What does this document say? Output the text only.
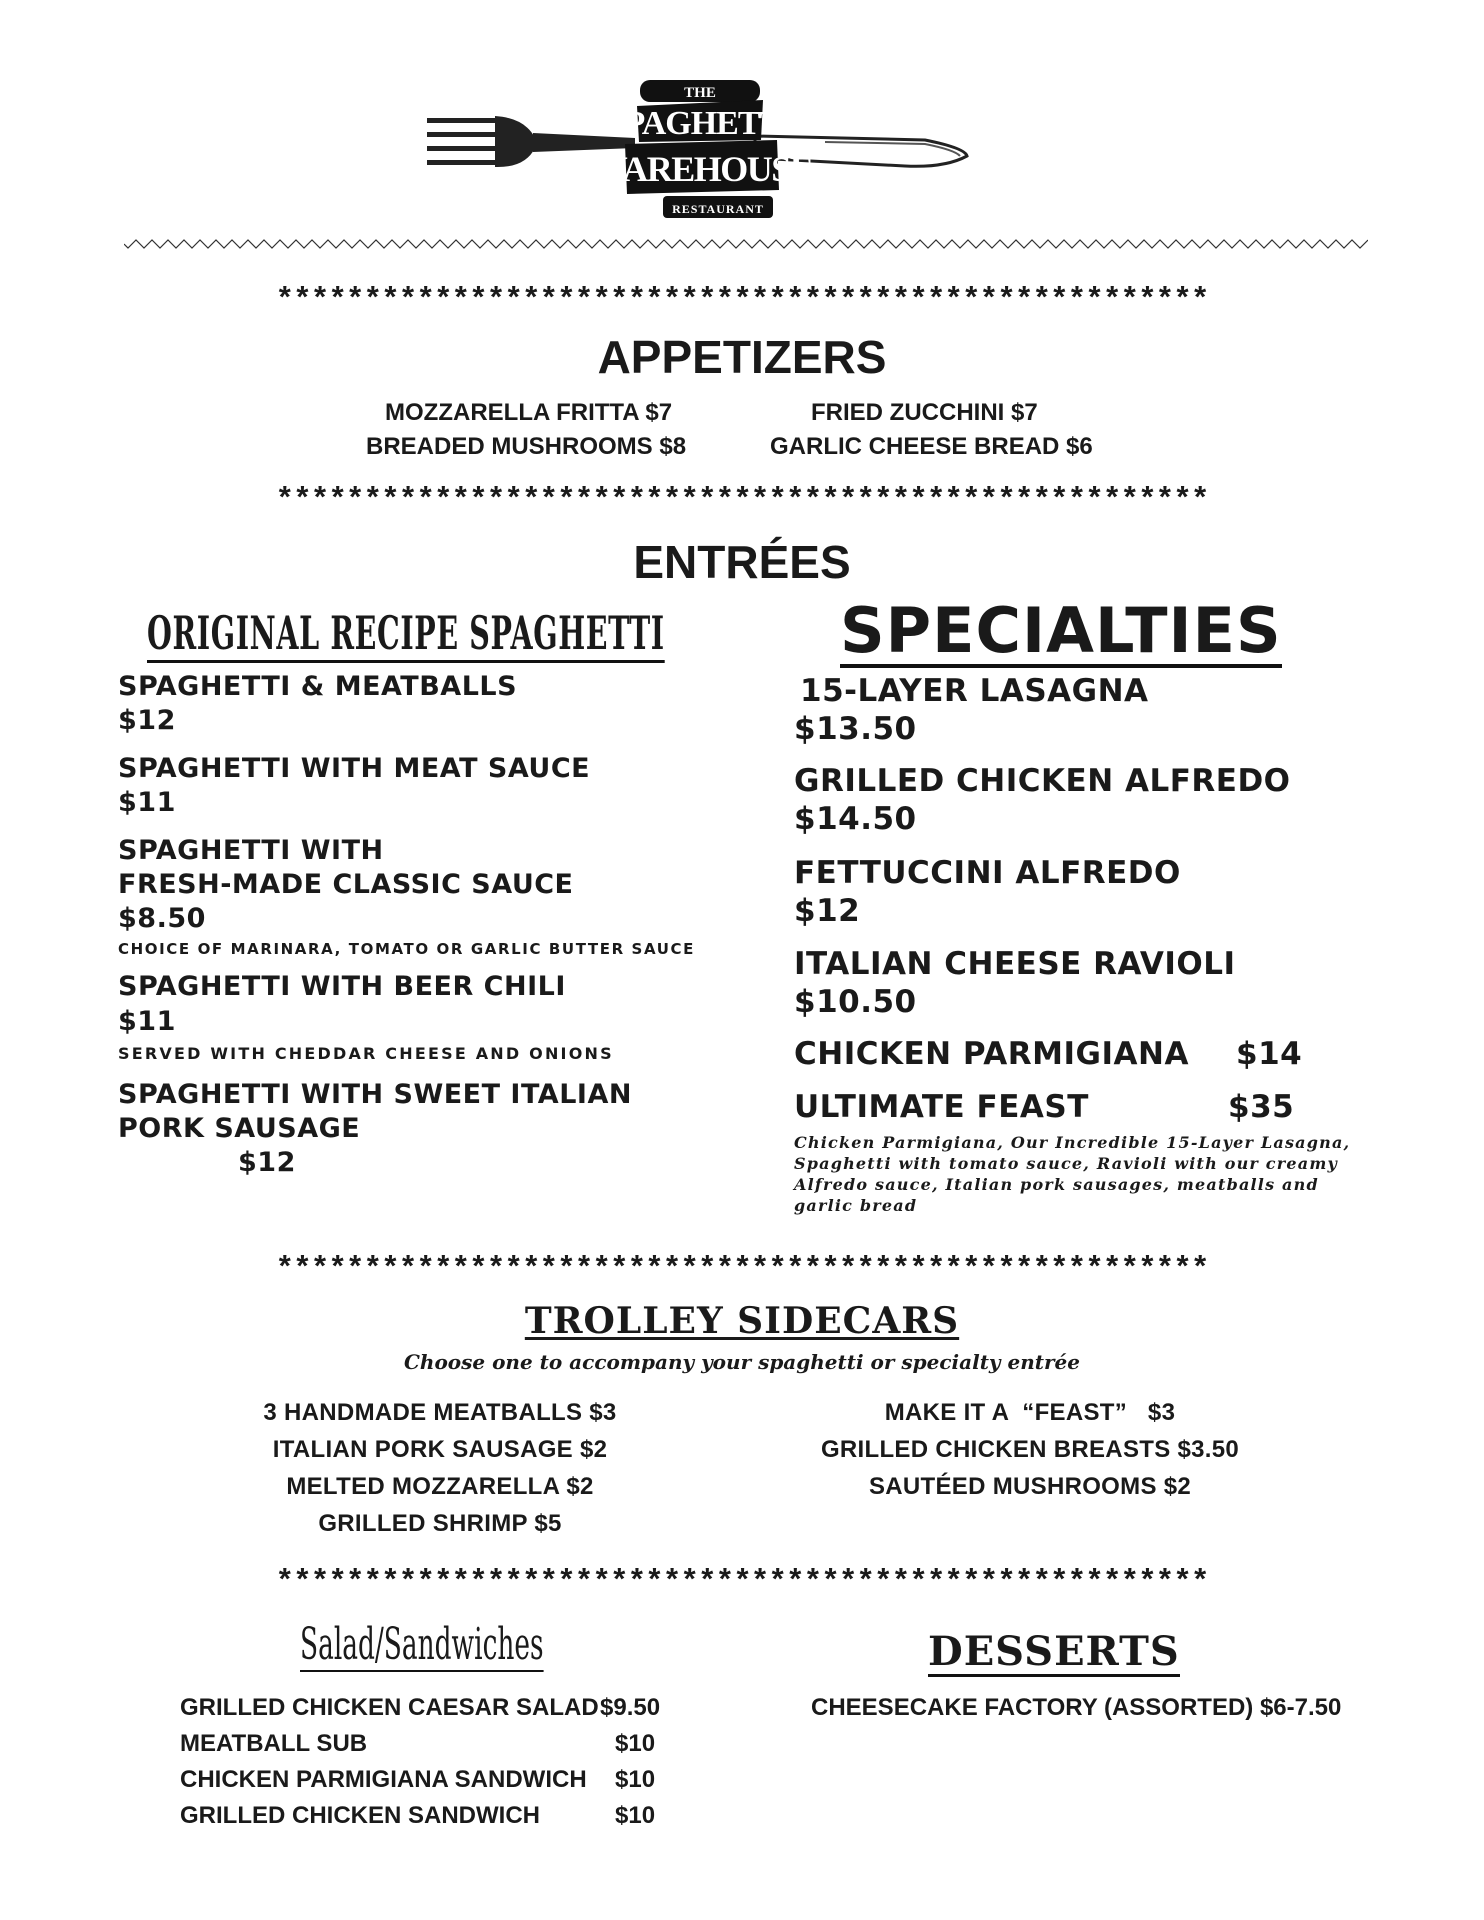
THE
SPAGHETTI
WAREHOUSE
RESTAURANT
*****************************************************
APPETIZERS
MOZZARELLA FRITTA $7	FRIED ZUCCHINI $7
BREADED MUSHROOMS $8	GARLIC CHEESE BREAD $6
*****************************************************
ENTRÉES
ORIGINAL RECIPE SPAGHETTI
SPAGHETTI & MEATBALLS
$12
SPAGHETTI WITH MEAT SAUCE
$11
SPAGHETTI WITH
FRESH-MADE CLASSIC SAUCE
$8.50
CHOICE OF MARINARA, TOMATO OR GARLIC BUTTER SAUCE
SPAGHETTI WITH BEER CHILI
$11
SERVED WITH CHEDDAR CHEESE AND ONIONS
SPAGHETTI WITH SWEET ITALIAN
PORK SAUSAGE
$12
SPECIALTIES
15-LAYER LASAGNA
$13.50
GRILLED CHICKEN ALFREDO
$14.50
FETTUCCINI ALFREDO
$12
ITALIAN CHEESE RAVIOLI
$10.50
CHICKEN PARMIGIANA $14
ULTIMATE FEAST	$35
Chicken Parmigiana, Our Incredible 15-Layer Lasagna, Spaghetti with tomato sauce, Ravioli with our creamy Alfredo sauce, Italian pork sausages, meatballs and garlic bread
*****************************************************
TROLLEY SIDECARS
Choose one to accompany your spaghetti or specialty entrée
3 HANDMADE MEATBALLS $3
ITALIAN PORK SAUSAGE $2
MELTED MOZZARELLA $2
GRILLED SHRIMP $5
MAKE IT A  “FEAST”   $3
GRILLED CHICKEN BREASTS $3.50
SAUTÉED MUSHROOMS $2
*****************************************************
Salad/Sandwiches
GRILLED CHICKEN CAESAR SALAD $9.50
MEATBALL SUB	$10
CHICKEN PARMIGIANA SANDWICH $10
GRILLED CHICKEN SANDWICH	$10
DESSERTS
CHEESECAKE FACTORY (ASSORTED) $6-7.50
